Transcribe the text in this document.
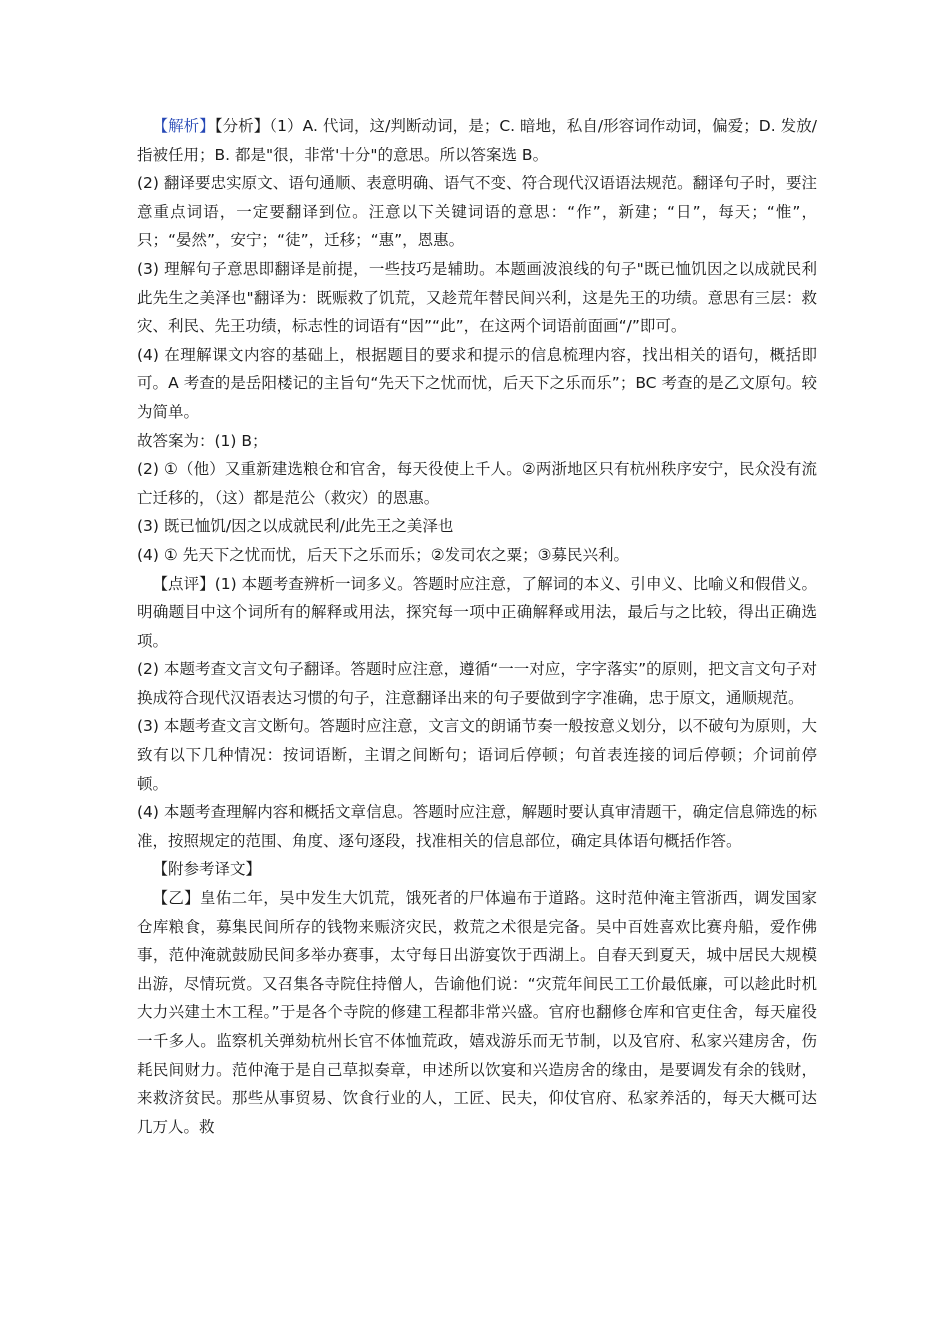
【解析】【分析】（1）A. 代词，这/判断动词，是；C. 暗地，私自/形容词作动词，偏爱；D. 发放/指被任用；B. 都是"很，非常'十分"的意思。所以答案选 B。

(2) 翻译要忠实原文、语句通顺、表意明确、语气不变、符合现代汉语语法规范。翻译句子时，要注意重点词语，一定要翻译到位。汪意以下关键词语的意思：“作”，新建；“日”，每天；“惟”，只；“晏然”，安宁；“徒”，迁移；“惠”，恩惠。

(3) 理解句子意思即翻译是前提，一些技巧是辅助。本题画波浪线的句子"既已恤饥因之以成就民利此先生之美泽也"翻译为：既赈救了饥荒，又趁荒年替民间兴利，这是先王的功绩。意思有三层：救灾、利民、先王功绩，标志性的词语有“因”“此”，在这两个词语前面画“/”即可。

(4) 在理解课文内容的基础上，根据题目的要求和提示的信息梳理内容，找出相关的语句，概括即可。A 考查的是岳阳楼记的主旨句“先天下之忧而忧，后天下之乐而乐”；BC 考查的是乙文原句。较为简单。

故答案为：(1) B；

(2) ①（他）又重新建选粮仓和官舍，每天役使上千人。②两浙地区只有杭州秩序安宁，民众没有流亡迁移的，（这）都是范公（救灾）的恩惠。

(3) 既已恤饥/因之以成就民利/此先王之美泽也

(4) ① 先天下之忧而忧，后天下之乐而乐；②发司农之粟；③募民兴利。

【点评】(1) 本题考查辨析一词多义。答题时应注意，了解词的本义、引申义、比喻义和假借义。明确题目中这个词所有的解释或用法，探究每一项中正确解释或用法，最后与之比较，得出正确选项。

(2) 本题考查文言文句子翻译。答题时应注意，遵循“一一对应，字字落实”的原则，把文言文句子对换成符合现代汉语表达习惯的句子，注意翻译出来的句子要做到字字准确，忠于原文，通顺规范。

(3) 本题考查文言文断句。答题时应注意，文言文的朗诵节奏一般按意义划分，以不破句为原则，大致有以下几种情况：按词语断，主谓之间断句；语词后停顿；句首表连接的词后停顿；介词前停顿。

(4) 本题考查理解内容和概括文章信息。答题时应注意，解题时要认真审清题干，确定信息筛选的标准，按照规定的范围、角度、逐句逐段，找准相关的信息部位，确定具体语句概括作答。

【附参考译文】

【乙】皇佑二年，吴中发生大饥荒，饿死者的尸体遍布于道路。这时范仲淹主管浙西，调发国家仓库粮食，募集民间所存的钱物来赈济灾民，救荒之术很是完备。吴中百姓喜欢比赛舟船，爱作佛事，范仲淹就鼓励民间多举办赛事，太守每日出游宴饮于西湖上。自春天到夏天，城中居民大规模出游，尽情玩赏。又召集各寺院住持僧人，告谕他们说：“灾荒年间民工工价最低廉，可以趁此时机大力兴建土木工程。”于是各个寺院的修建工程都非常兴盛。官府也翻修仓库和官吏住舍，每天雇役一千多人。监察机关弹劾杭州长官不体恤荒政，嬉戏游乐而无节制，以及官府、私家兴建房舍，伤耗民间财力。范仲淹于是自己草拟奏章，申述所以饮宴和兴造房舍的缘由，是要调发有余的钱财，来救济贫民。那些从事贸易、饮食行业的人，工匠、民夫，仰仗官府、私家养活的，每天大概可达几万人。救
